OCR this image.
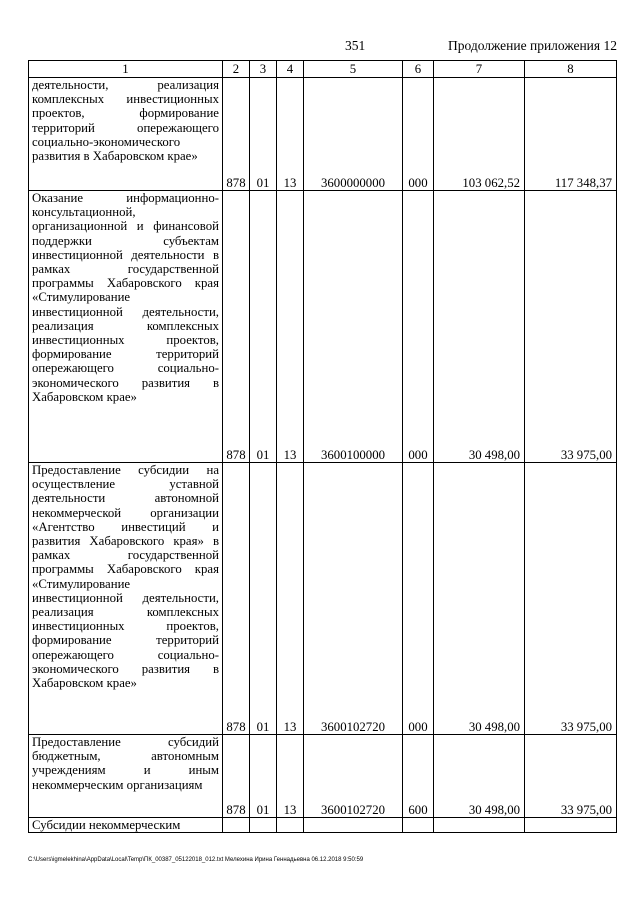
351	Продолжение приложения 12
1	2	3	4	5	6	7	8
деятельности, реализация комплексных инвестиционных проектов, формирование территорий опережающего социально-экономического развития в Хабаровском крае»	878	01	13	3600000000	000	103 062,52	117 348,37
Оказание информационно-консультационной, организационной и финансовой поддержки субъектам инвестиционной деятельности в рамках государственной программы Хабаровского края «Стимулирование инвестиционной деятельности, реализация комплексных инвестиционных проектов, формирование территорий опережающего социально-экономического развития в Хабаровском крае»	878	01	13	3600100000	000	30 498,00	33 975,00
Предоставление субсидии на осуществление уставной деятельности автономной некоммерческой организации «Агентство инвестиций и развития Хабаровского края» в рамках государственной программы Хабаровского края «Стимулирование инвестиционной деятельности, реализация комплексных инвестиционных проектов, формирование территорий опережающего социально-экономического развития в Хабаровском крае»	878	01	13	3600102720	000	30 498,00	33 975,00
Предоставление субсидий бюджетным, автономным учреждениям и иным некоммерческим организациям	878	01	13	3600102720	600	30 498,00	33 975,00
Субсидии некоммерческим							
C:\Users\igmelekhina\AppData\Local\Temp\ПК_00387_05122018_012.txt Мелехина Ирина Геннадьевна 06.12.2018 9:50:59
